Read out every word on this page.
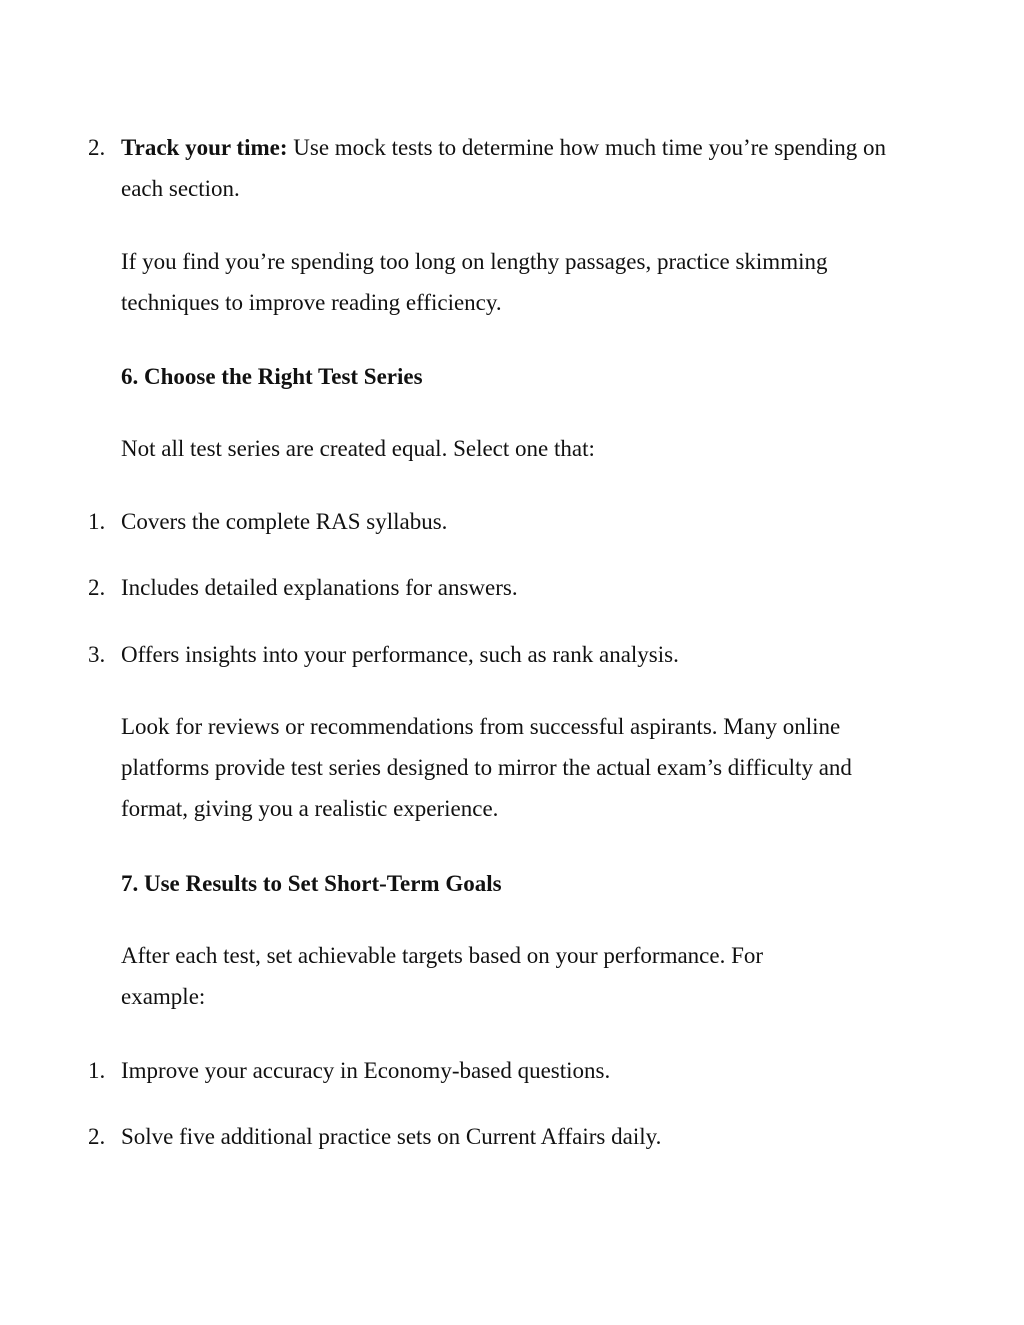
2. Track your time: Use mock tests to determine how much time you’re spending on each section.
If you find you’re spending too long on lengthy passages, practice skimming techniques to improve reading efficiency.
6. Choose the Right Test Series
Not all test series are created equal. Select one that:
1. Covers the complete RAS syllabus.
2. Includes detailed explanations for answers.
3. Offers insights into your performance, such as rank analysis.
Look for reviews or recommendations from successful aspirants. Many online platforms provide test series designed to mirror the actual exam’s difficulty and format, giving you a realistic experience.
7. Use Results to Set Short-Term Goals
After each test, set achievable targets based on your performance. For example:
1. Improve your accuracy in Economy-based questions.
2. Solve five additional practice sets on Current Affairs daily.
